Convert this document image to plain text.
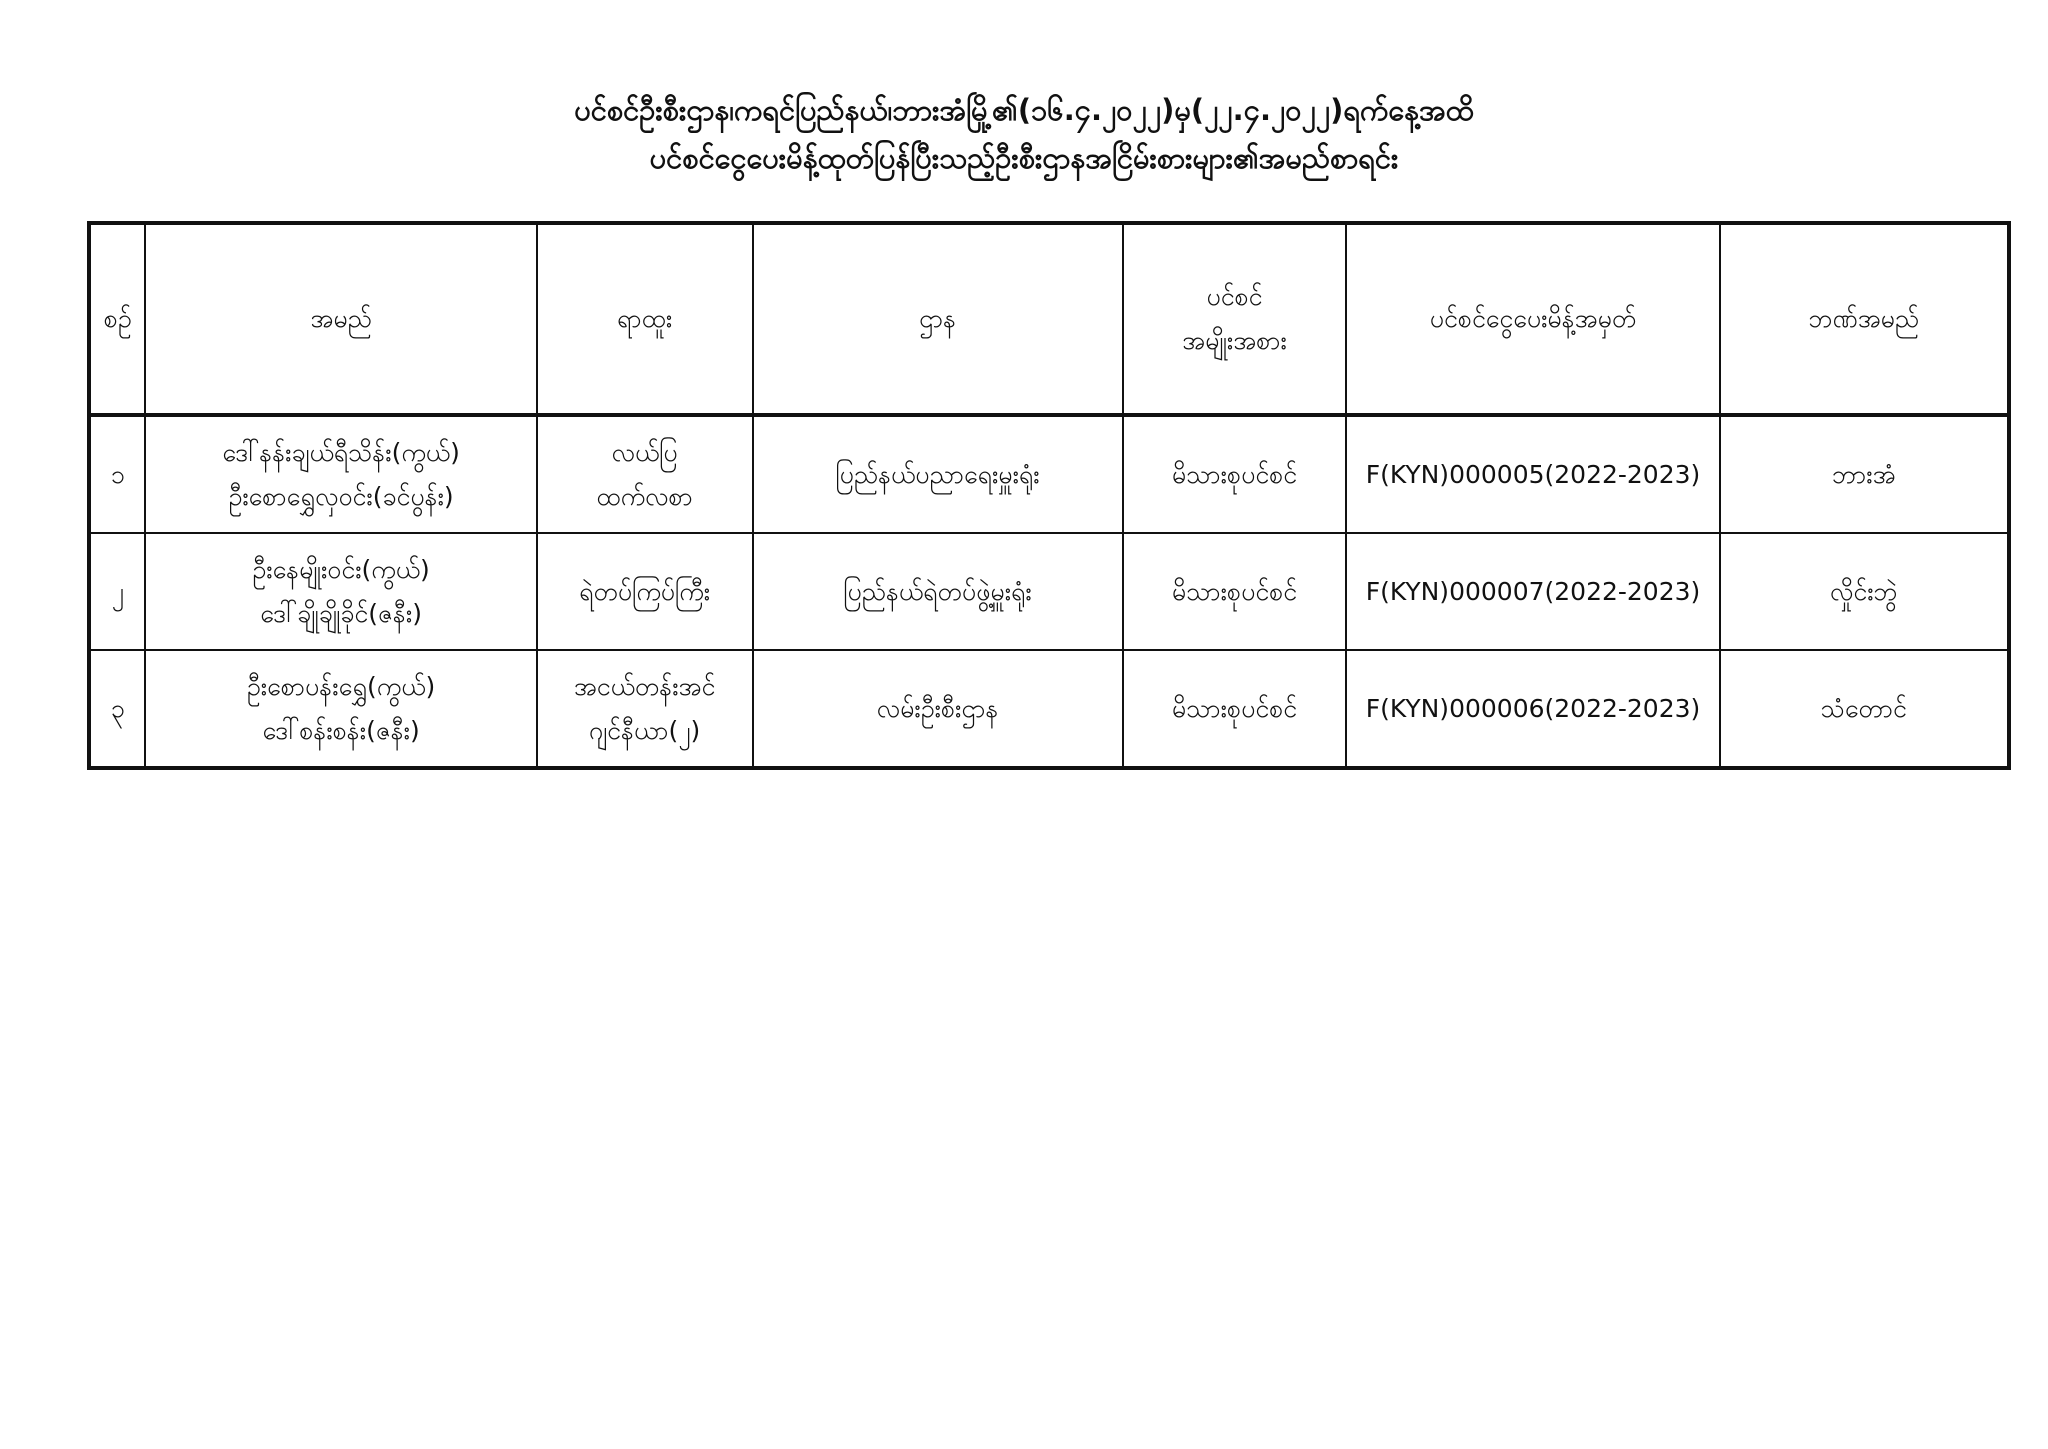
ပင်စင်ဦးစီးဌာန၊ကရင်ပြည်နယ်၊ဘားအံမြို့၏(၁၆.၄.၂၀၂၂)မှ(၂၂.၄.၂၀၂၂)ရက်နေ့အထိ
ပင်စင်ငွေပေးမိန့်ထုတ်ပြန်ပြီးသည့်ဦးစီးဌာနအငြိမ်းစားများ၏အမည်စာရင်း
စဉ်	အမည်	ရာထူး	ဌာန	ပင်စင်
အမျိုးအစား	ပင်စင်ငွေပေးမိန့်အမှတ်	ဘဏ်အမည်
၁	ဒေါ်နန်းချယ်ရီသိန်း(ကွယ်)
ဦးစောရွှေလှဝင်း(ခင်ပွန်း)	လယ်ပြ
ထက်လစာ	ပြည်နယ်ပညာရေးမှူးရုံး	မိသားစုပင်စင်	F(KYN)000005(2022-2023)	ဘားအံ
၂	ဦးနေမျိုးဝင်း(ကွယ်)
ဒေါ်ချိုချိုခိုင်(ဇနီး)	ရဲတပ်ကြပ်ကြီး	ပြည်နယ်ရဲတပ်ဖွဲ့မှူးရုံး	မိသားစုပင်စင်	F(KYN)000007(2022-2023)	လှိုင်းဘွဲ
၃	ဦးစောပန်းရွှေ(ကွယ်)
ဒေါ်စန်းစန်း(ဇနီး)	အငယ်တန်းအင်
ဂျင်နီယာ(၂)	လမ်းဦးစီးဌာန	မိသားစုပင်စင်	F(KYN)000006(2022-2023)	သံတောင်
